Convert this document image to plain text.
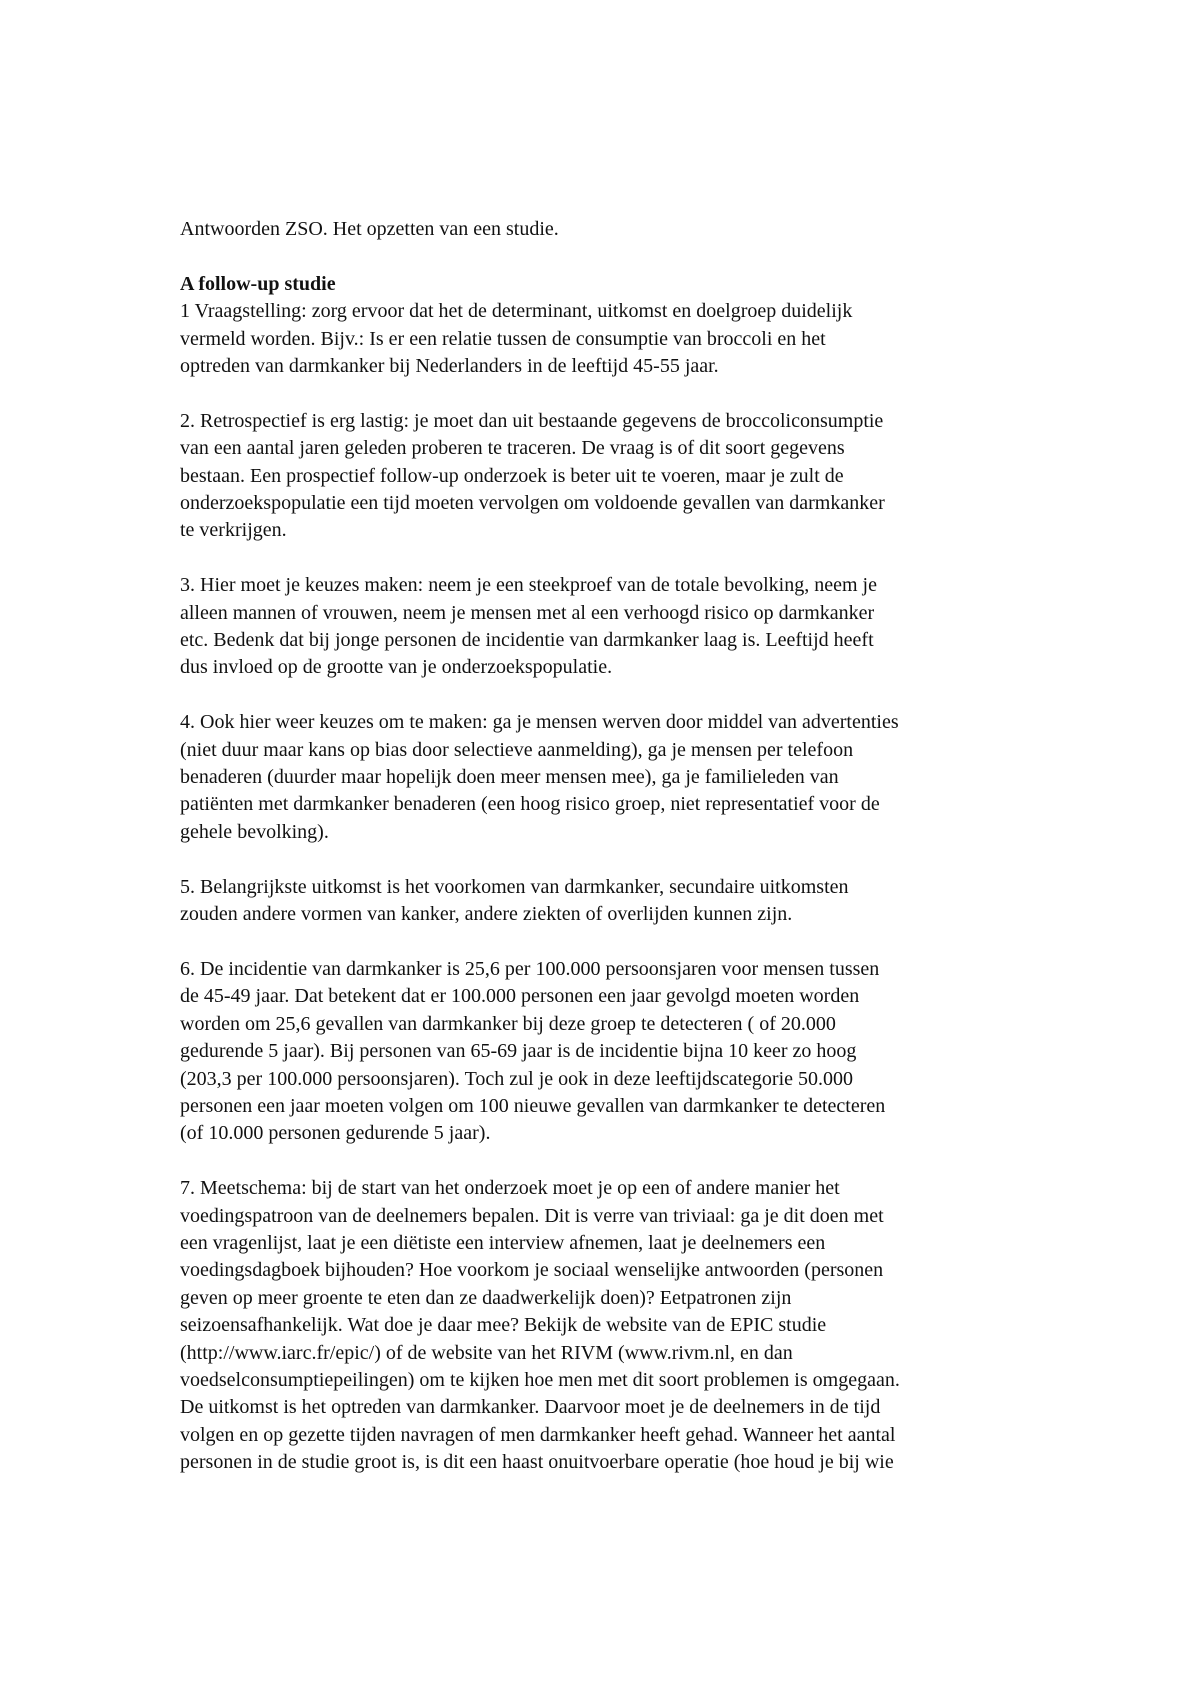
Antwoorden ZSO. Het opzetten van een studie.
A follow-up studie
1 Vraagstelling: zorg ervoor dat het de determinant, uitkomst en doelgroep duidelijk
vermeld worden. Bijv.: Is er een relatie tussen de consumptie van broccoli en het
optreden van darmkanker bij Nederlanders in de leeftijd 45-55 jaar.
2. Retrospectief is erg lastig: je moet dan uit bestaande gegevens de broccoliconsumptie
van een aantal jaren geleden proberen te traceren. De vraag is of dit soort gegevens
bestaan. Een prospectief follow-up onderzoek is beter uit te voeren, maar je zult de
onderzoekspopulatie een tijd moeten vervolgen om voldoende gevallen van darmkanker
te verkrijgen.
3. Hier moet je keuzes maken: neem je een steekproef van de totale bevolking, neem je
alleen mannen of vrouwen, neem je mensen met al een verhoogd risico op darmkanker
etc. Bedenk dat bij jonge personen de incidentie van darmkanker laag is. Leeftijd heeft
dus invloed op de grootte van je onderzoekspopulatie.
4. Ook hier weer keuzes om te maken: ga je mensen werven door middel van advertenties
(niet duur maar kans op bias door selectieve aanmelding), ga je mensen per telefoon
benaderen (duurder maar hopelijk doen meer mensen mee), ga je familieleden van
patiënten met darmkanker benaderen (een hoog risico groep, niet representatief voor de
gehele bevolking).
5. Belangrijkste uitkomst is het voorkomen van darmkanker, secundaire uitkomsten
zouden andere vormen van kanker, andere ziekten of overlijden kunnen zijn.
6. De incidentie van darmkanker is 25,6 per 100.000 persoonsjaren voor mensen tussen
de 45-49 jaar. Dat betekent dat er 100.000 personen een jaar gevolgd moeten worden
worden om 25,6 gevallen van darmkanker bij deze groep te detecteren ( of 20.000
gedurende 5 jaar). Bij personen van 65-69 jaar is de incidentie bijna 10 keer zo hoog
(203,3 per 100.000 persoonsjaren). Toch zul je ook in deze leeftijdscategorie 50.000
personen een jaar moeten volgen om 100 nieuwe gevallen van darmkanker te detecteren
(of 10.000 personen gedurende 5 jaar).
7. Meetschema: bij de start van het onderzoek moet je op een of andere manier het
voedingspatroon van de deelnemers bepalen. Dit is verre van triviaal: ga je dit doen met
een vragenlijst, laat je een diëtiste een interview afnemen, laat je deelnemers een
voedingsdagboek bijhouden? Hoe voorkom je sociaal wenselijke antwoorden (personen
geven op meer groente te eten dan ze daadwerkelijk doen)? Eetpatronen zijn
seizoensafhankelijk. Wat doe je daar mee? Bekijk de website van de EPIC studie
(http://www.iarc.fr/epic/) of de website van het RIVM (www.rivm.nl, en dan
voedselconsumptiepeilingen) om te kijken hoe men met dit soort problemen is omgegaan.
De uitkomst is het optreden van darmkanker. Daarvoor moet je de deelnemers in de tijd
volgen en op gezette tijden navragen of men darmkanker heeft gehad. Wanneer het aantal
personen in de studie groot is, is dit een haast onuitvoerbare operatie (hoe houd je bij wie
